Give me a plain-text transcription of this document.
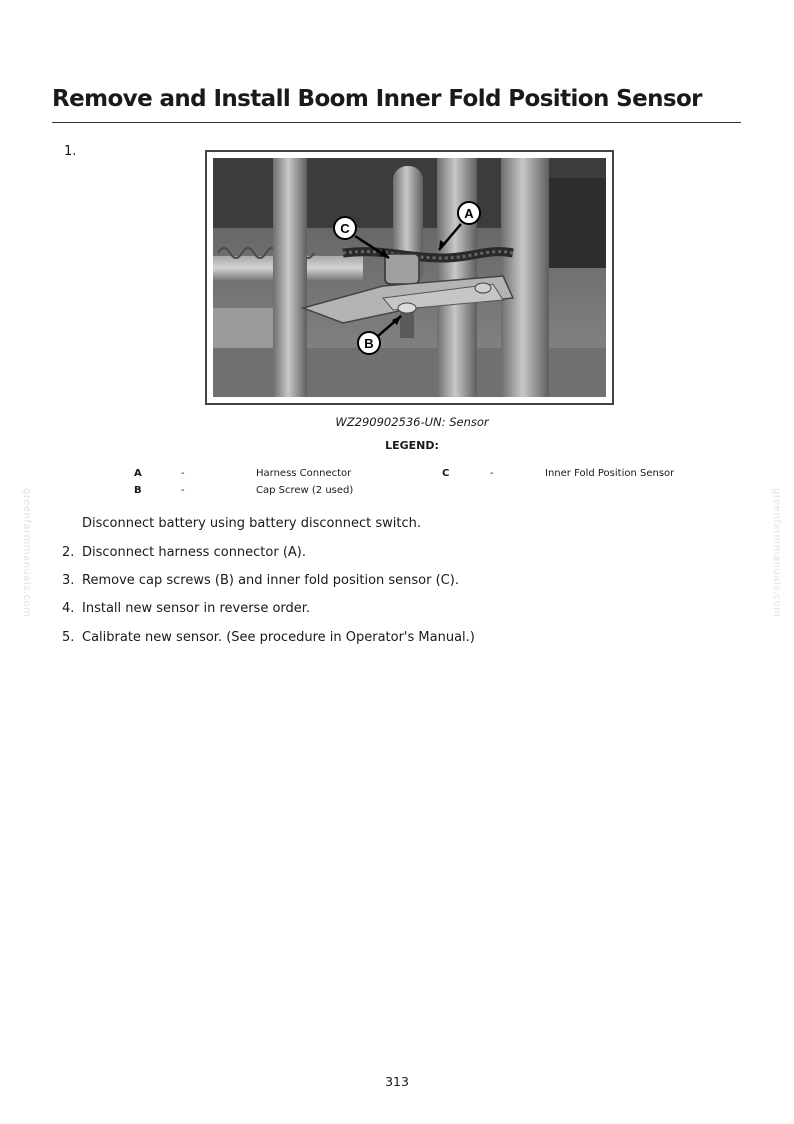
Remove and Install Boom Inner Fold Position Sensor
1.
C
A
B
WZ290902536-UN: Sensor
LEGEND:
A	-	Harness Connector	C	-	Inner Fold Position Sensor
B	-	Cap Screw (2 used)
Disconnect battery using battery disconnect switch.
2. Disconnect harness connector (A).
3. Remove cap screws (B) and inner fold position sensor (C).
4. Install new sensor in reverse order.
5. Calibrate new sensor. (See procedure in Operator's Manual.)
greenfarmmanuals.com	greenfarmmanuals.com
313
